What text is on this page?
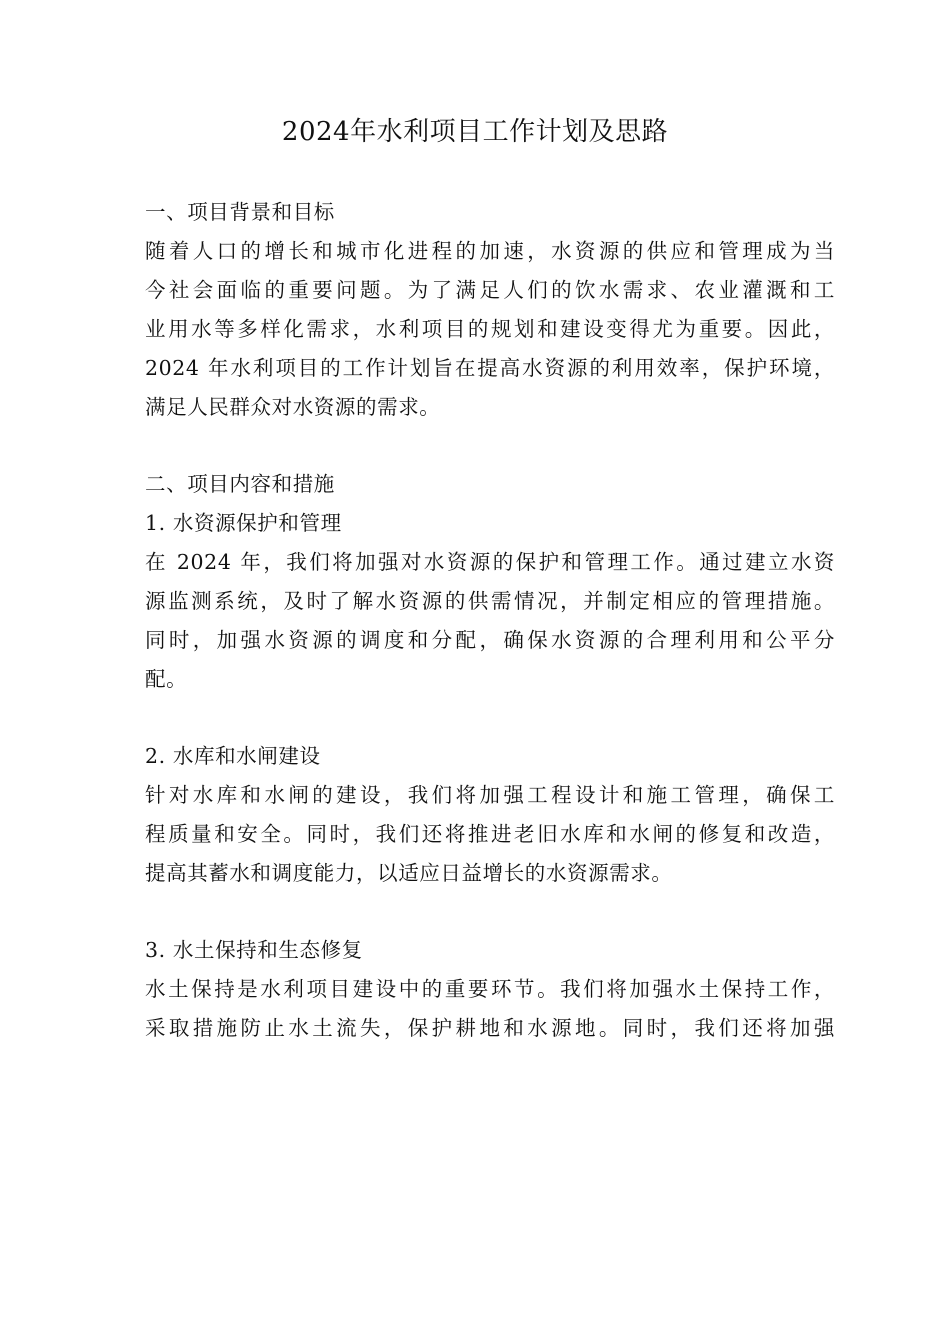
2024年水利项目工作计划及思路
一、项目背景和目标
随着人口的增长和城市化进程的加速，水资源的供应和管理成为当
今社会面临的重要问题。为了满足人们的饮水需求、农业灌溉和工
业用水等多样化需求，水利项目的规划和建设变得尤为重要。因此，
2024 年水利项目的工作计划旨在提高水资源的利用效率，保护环境，
满足人民群众对水资源的需求。
二、项目内容和措施
1. 水资源保护和管理
在 2024 年，我们将加强对水资源的保护和管理工作。通过建立水资
源监测系统，及时了解水资源的供需情况，并制定相应的管理措施。
同时，加强水资源的调度和分配，确保水资源的合理利用和公平分
配。
2. 水库和水闸建设
针对水库和水闸的建设，我们将加强工程设计和施工管理，确保工
程质量和安全。同时，我们还将推进老旧水库和水闸的修复和改造，
提高其蓄水和调度能力，以适应日益增长的水资源需求。
3. 水土保持和生态修复
水土保持是水利项目建设中的重要环节。我们将加强水土保持工作，
采取措施防止水土流失，保护耕地和水源地。同时，我们还将加强
